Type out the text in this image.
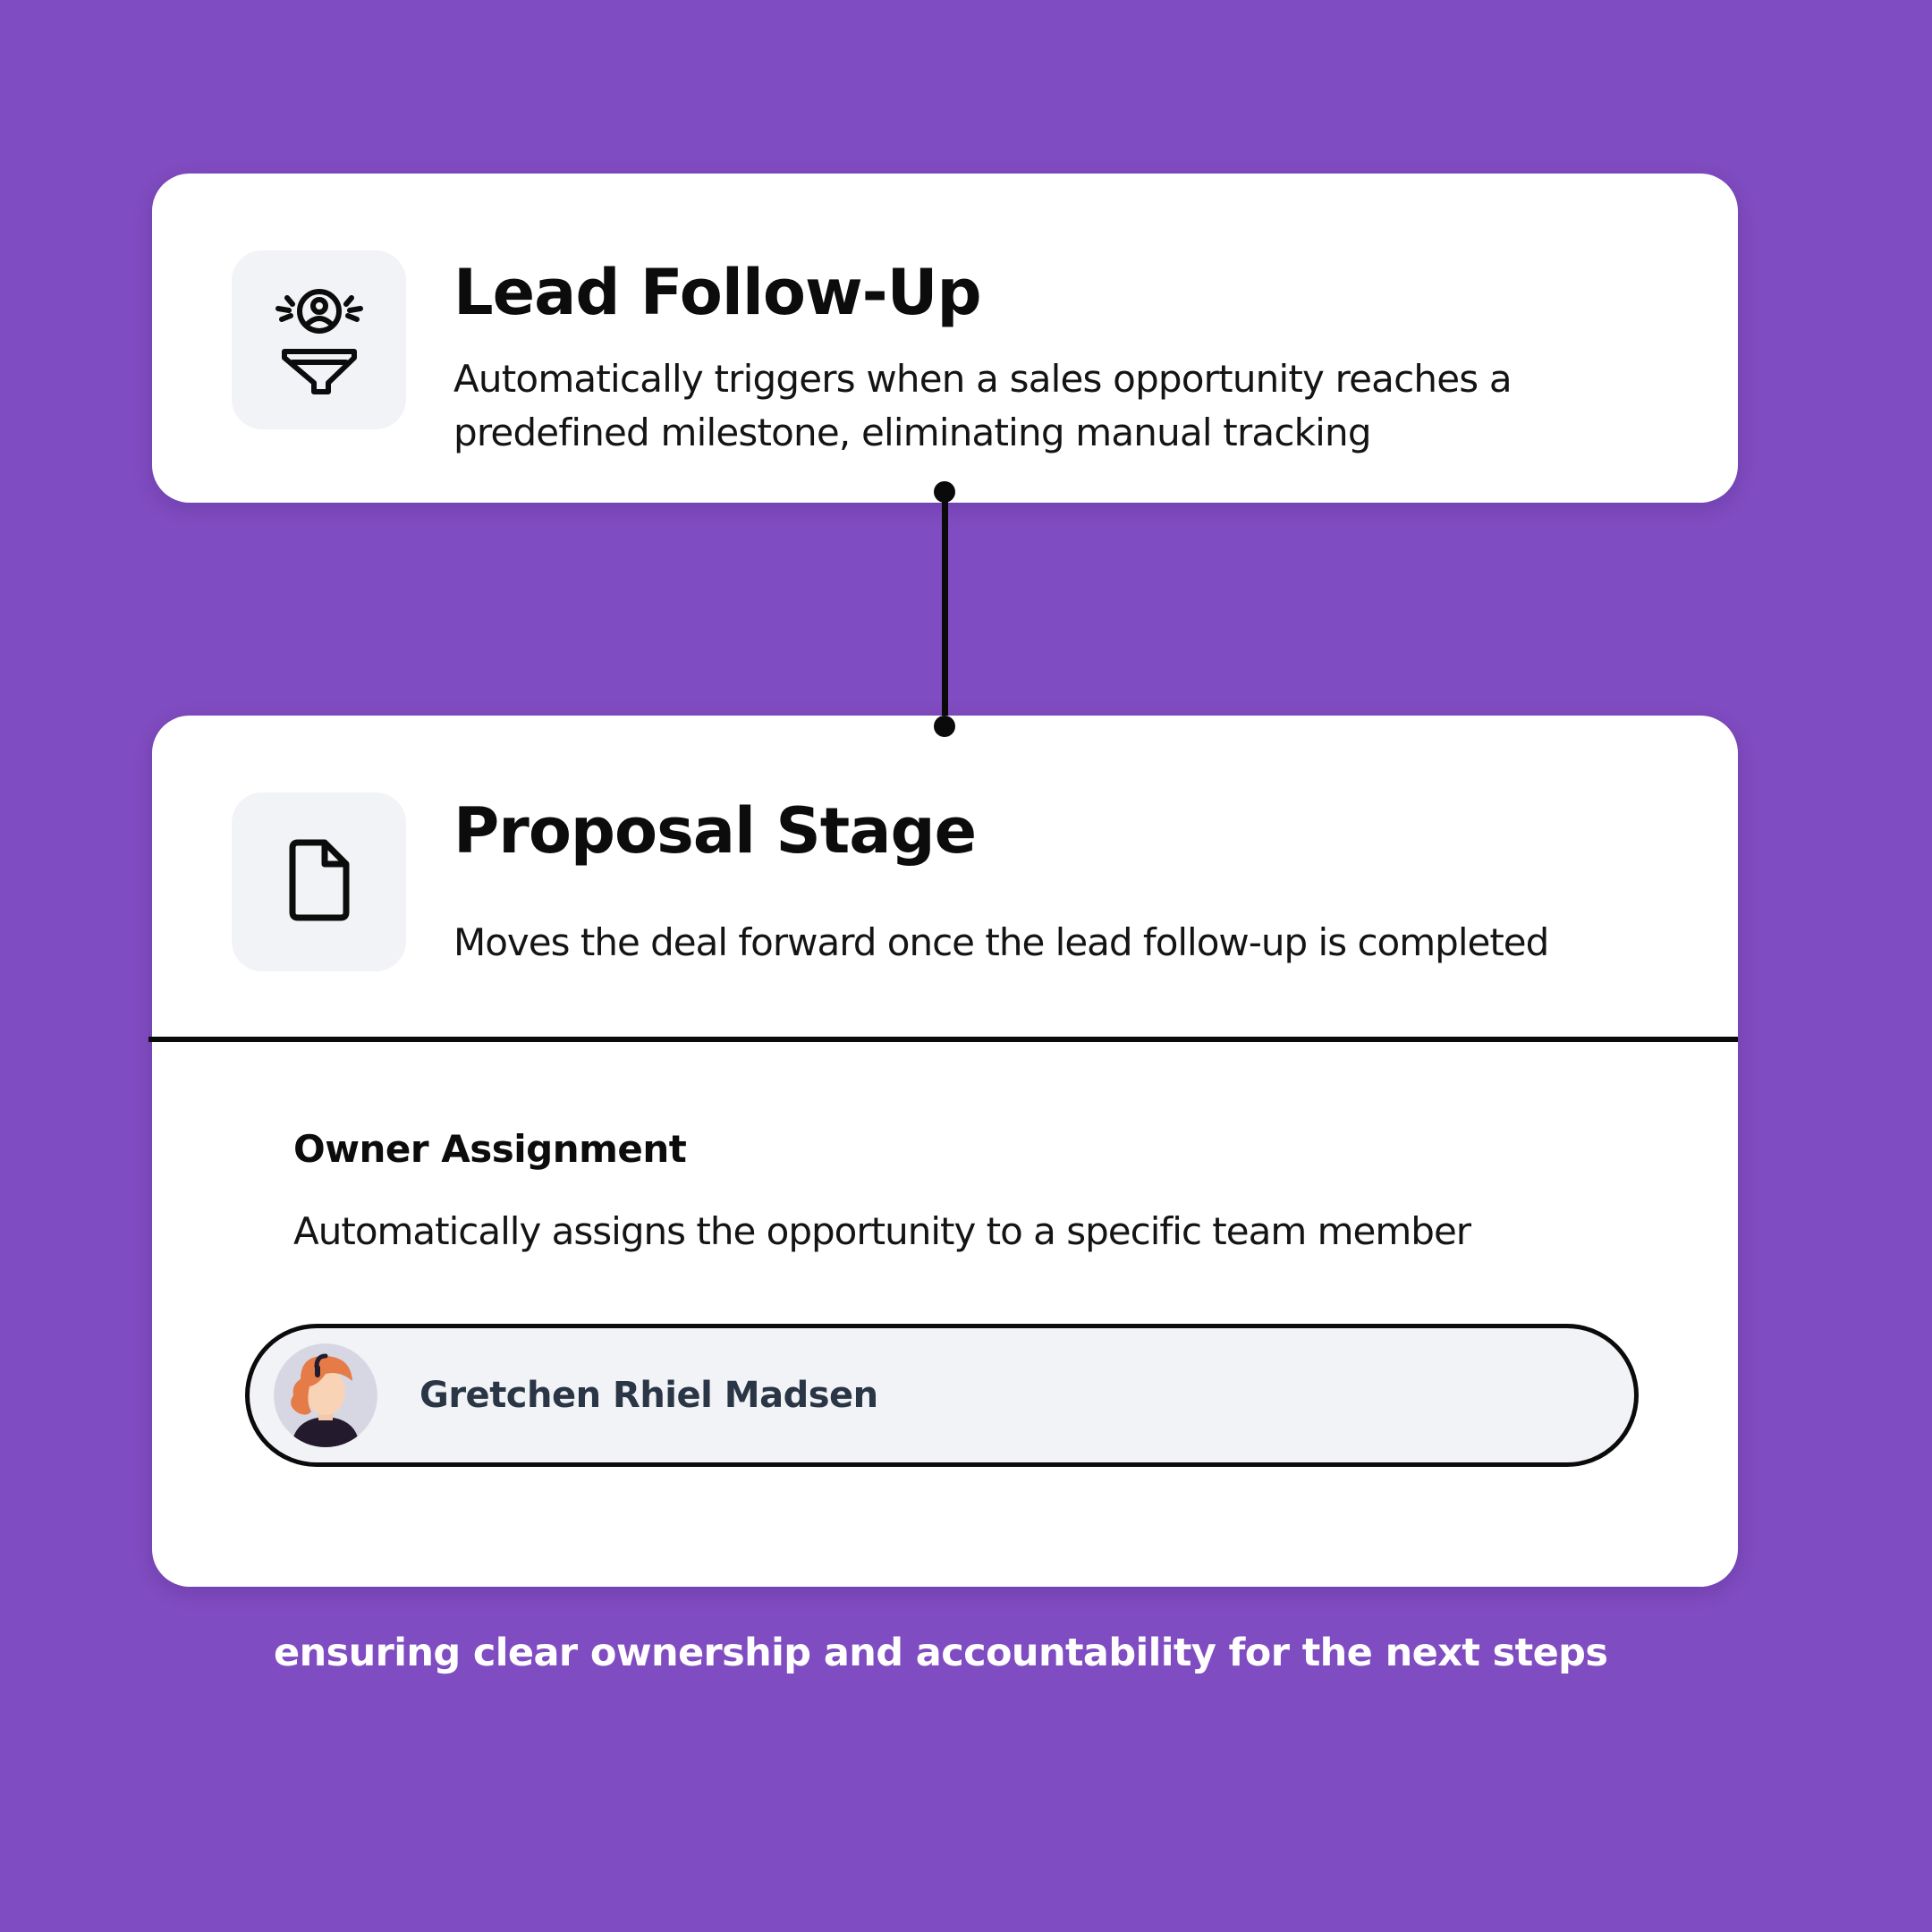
Lead Follow-Up

Automatically triggers when a sales opportunity reaches a predefined milestone, eliminating manual tracking

Proposal Stage

Moves the deal forward once the lead follow-up is completed

Owner Assignment

Automatically assigns the opportunity to a specific team member

Gretchen Rhiel Madsen

ensuring clear ownership and accountability for the next steps
